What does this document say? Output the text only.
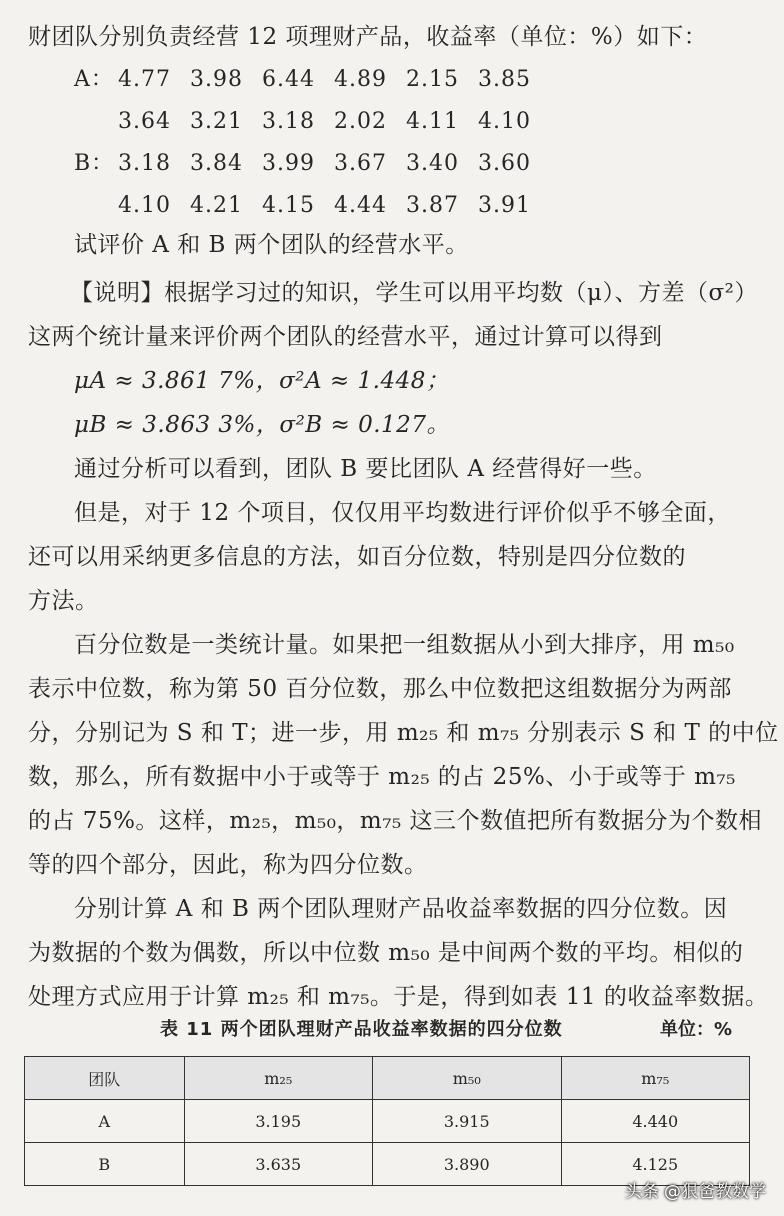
财团队分别负责经营 12 项理财产品，收益率（单位：%）如下：
A： 4.77 3.98 6.44 4.89 2.15 3.85
3.64 3.21 3.18 2.02 4.11 4.10
B： 3.18 3.84 3.99 3.67 3.40 3.60
4.10 4.21 4.15 4.44 3.87 3.91
试评价 A 和 B 两个团队的经营水平。
【说明】根据学习过的知识，学生可以用平均数（μ）、方差（σ²）
这两个统计量来评价两个团队的经营水平，通过计算可以得到
μA ≈ 3.861 7%，σ²A ≈ 1.448；
μB ≈ 3.863 3%，σ²B ≈ 0.127。
通过分析可以看到，团队 B 要比团队 A 经营得好一些。
但是，对于 12 个项目，仅仅用平均数进行评价似乎不够全面，
还可以用采纳更多信息的方法，如百分位数，特别是四分位数的
方法。
百分位数是一类统计量。如果把一组数据从小到大排序，用 m₅₀
表示中位数，称为第 50 百分位数，那么中位数把这组数据分为两部
分，分别记为 S 和 T；进一步，用 m₂₅ 和 m₇₅ 分别表示 S 和 T 的中位
数，那么，所有数据中小于或等于 m₂₅ 的占 25%、小于或等于 m₇₅
的占 75%。这样，m₂₅，m₅₀，m₇₅ 这三个数值把所有数据分为个数相
等的四个部分，因此，称为四分位数。
分别计算 A 和 B 两个团队理财产品收益率数据的四分位数。因
为数据的个数为偶数，所以中位数 m₅₀ 是中间两个数的平均。相似的
处理方式应用于计算 m₂₅ 和 m₇₅。于是，得到如表 11 的收益率数据。
表 11 两个团队理财产品收益率数据的四分位数	单位：%
团队	m₂₅	m₅₀	m₇₅
A	3.195	3.915	4.440
B	3.635	3.890	4.125
头条 @狠爸教数学
